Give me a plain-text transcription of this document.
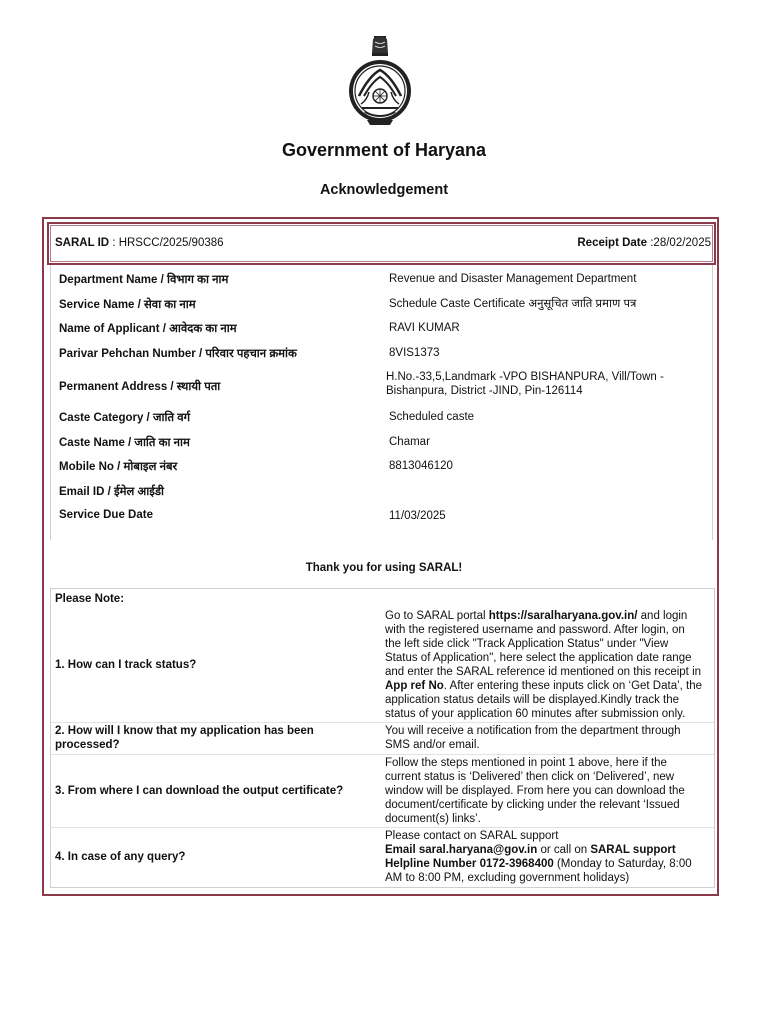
Government of Haryana
Acknowledgement
SARAL ID : HRSCC/2025/90386	Receipt Date :28/02/2025
Department Name / विभाग का नाम	Revenue and Disaster Management Department
Service Name / सेवा का नाम	Schedule Caste Certificate अनुसूचित जाति प्रमाण पत्र
Name of Applicant / आवेदक का नाम	RAVI KUMAR
Parivar Pehchan Number / परिवार पहचान क्रमांक	8VIS1373
Permanent Address / स्थायी पता
H.No.-33,5,Landmark -VPO BISHANPURA, Vill/Town - Bishanpura, District -JIND, Pin-126114
Caste Category / जाति वर्ग	Scheduled caste
Caste Name / जाति का नाम	Chamar
Mobile No / मोबाइल नंबर	8813046120
Email ID / ईमेल आईडी
Service Due Date	11/03/2025
Thank you for using SARAL!
Please Note:
1. How can I track status?
Go to SARAL portal https://saralharyana.gov.in/ and login with the registered username and password. After login, on the left side click "Track Application Status" under "View Status of Application", here select the application date range and enter the SARAL reference id mentioned on this receipt in App ref No. After entering these inputs click on ‘Get Data’, the application status details will be displayed.Kindly track the status of your application 60 minutes after submission only.
2. How will I know that my application has been processed?
You will receive a notification from the department through SMS and/or email.
3. From where I can download the output certificate?
Follow the steps mentioned in point 1 above, here if the current status is ‘Delivered’ then click on ‘Delivered’, new window will be displayed. From here you can download the document/certificate by clicking under the relevant ‘Issued document(s) links’.
4. In case of any query?
Please contact on SARAL support
Email saral.haryana@gov.in or call on SARAL support Helpline Number 0172-3968400 (Monday to Saturday, 8:00 AM to 8:00 PM, excluding government holidays)
